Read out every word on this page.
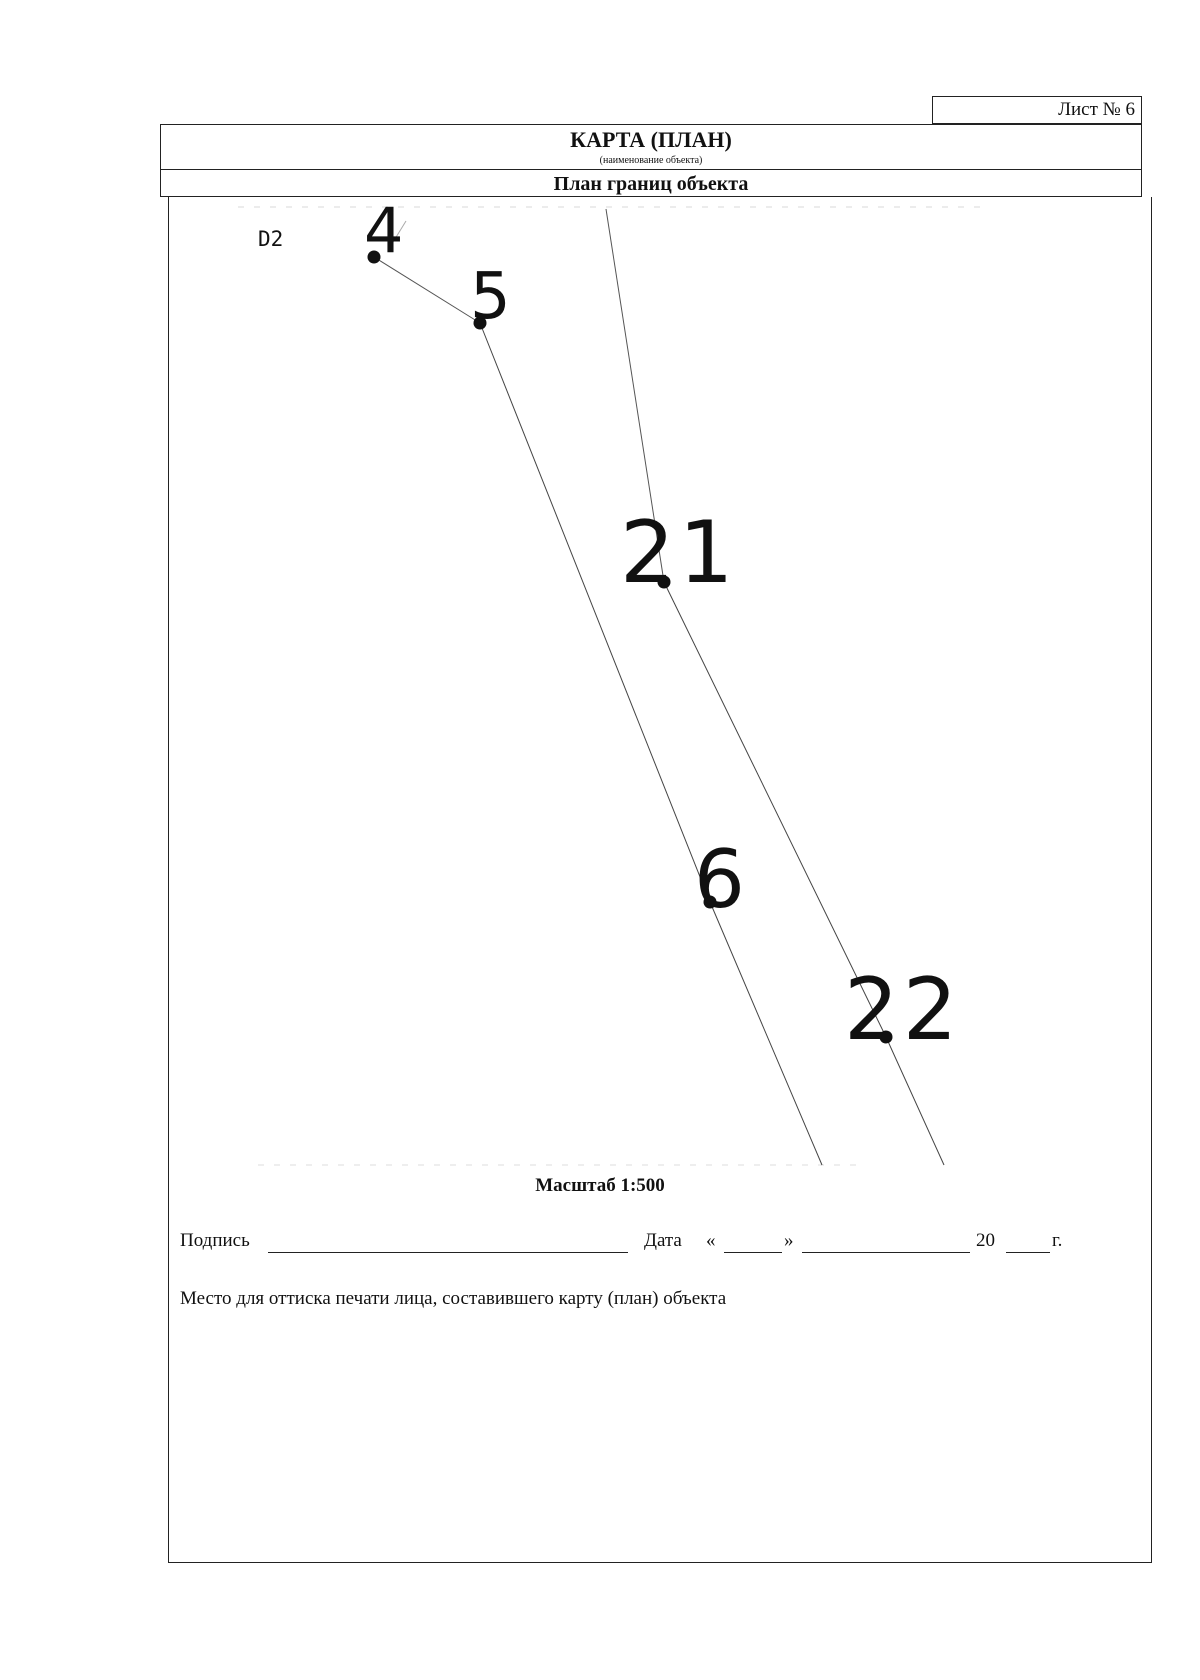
Лист № 6
КАРТА (ПЛАН)
(наименование объекта)
План границ объекта
D2 4
5
21
6
22
Масштаб 1:500
Подпись	Дата «	»	20	г.
Место для оттиска печати лица, составившего карту (план) объекта
